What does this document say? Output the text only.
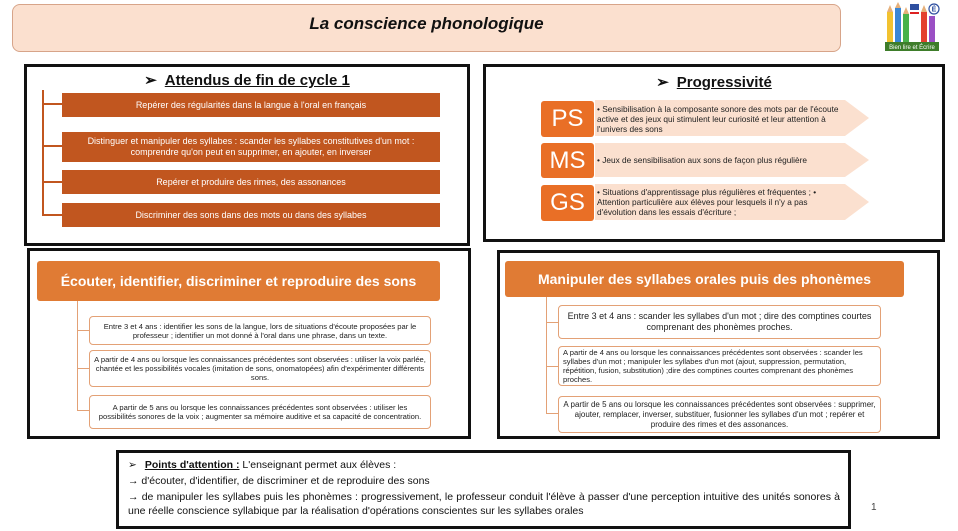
La conscience phonologique
É
Bien lire et Écrire
➢ Attendus de fin de cycle 1
Repérer des régularités dans la langue à l'oral en français
Distinguer et manipuler des syllabes : scander les syllabes constitutives d'un mot : comprendre qu'on peut en supprimer, en ajouter, en inverser
Repérer et produire des rimes, des assonances
Discriminer des sons dans des mots ou dans des syllabes
➢ Progressivité
PS
MS
GS
• Sensibilisation à la composante sonore des mots par de l'écoute active et des jeux qui stimulent leur curiosité et leur attention à l'univers des sons
• Jeux de sensibilisation aux sons de façon plus régulière
• Situations d'apprentissage plus régulières et fréquentes ; • Attention particulière aux élèves pour lesquels il n'y a pas d'évolution dans les essais d'écriture ;
Écouter, identifier, discriminer et reproduire des sons
Entre 3 et 4 ans : identifier les sons de la langue, lors de situations d'écoute proposées par le professeur ; identifier un mot donné à l'oral dans une phrase, dans un texte.
A partir de 4 ans ou lorsque les connaissances précédentes sont observées : utiliser la voix parlée, chantée et les possibilités vocales (imitation de sons, onomatopées) afin d'expérimenter différents sons.
A partir de 5 ans ou lorsque les connaissances précédentes sont observées : utiliser les possibilités sonores de la voix ; augmenter sa mémoire auditive et sa capacité de concentration.
Manipuler des syllabes orales puis des phonèmes
Entre 3 et 4 ans : scander les syllabes d'un mot ; dire des comptines courtes comprenant des phonèmes proches.
A partir de 4 ans ou lorsque les connaissances précédentes sont observées : scander les syllabes d'un mot ; manipuler les syllabes d'un mot (ajout, suppression, permutation, répétition, fusion, substitution) ;dire des comptines courtes comprenant des phonèmes proches.
A partir de 5 ans ou lorsque les connaissances précédentes sont observées : supprimer, ajouter, remplacer, inverser, substituer, fusionner les syllabes d'un mot ; repérer et produire des rimes et des assonances.
➢ Points d'attention : L'enseignant permet aux élèves :
→ d'écouter, d'identifier, de discriminer et de reproduire des sons
→ de manipuler les syllabes puis les phonèmes : progressivement, le professeur conduit l'élève à passer d'une perception intuitive des unités sonores à une réelle conscience syllabique par la réalisation d'opérations conscientes sur les syllabes orales	1
